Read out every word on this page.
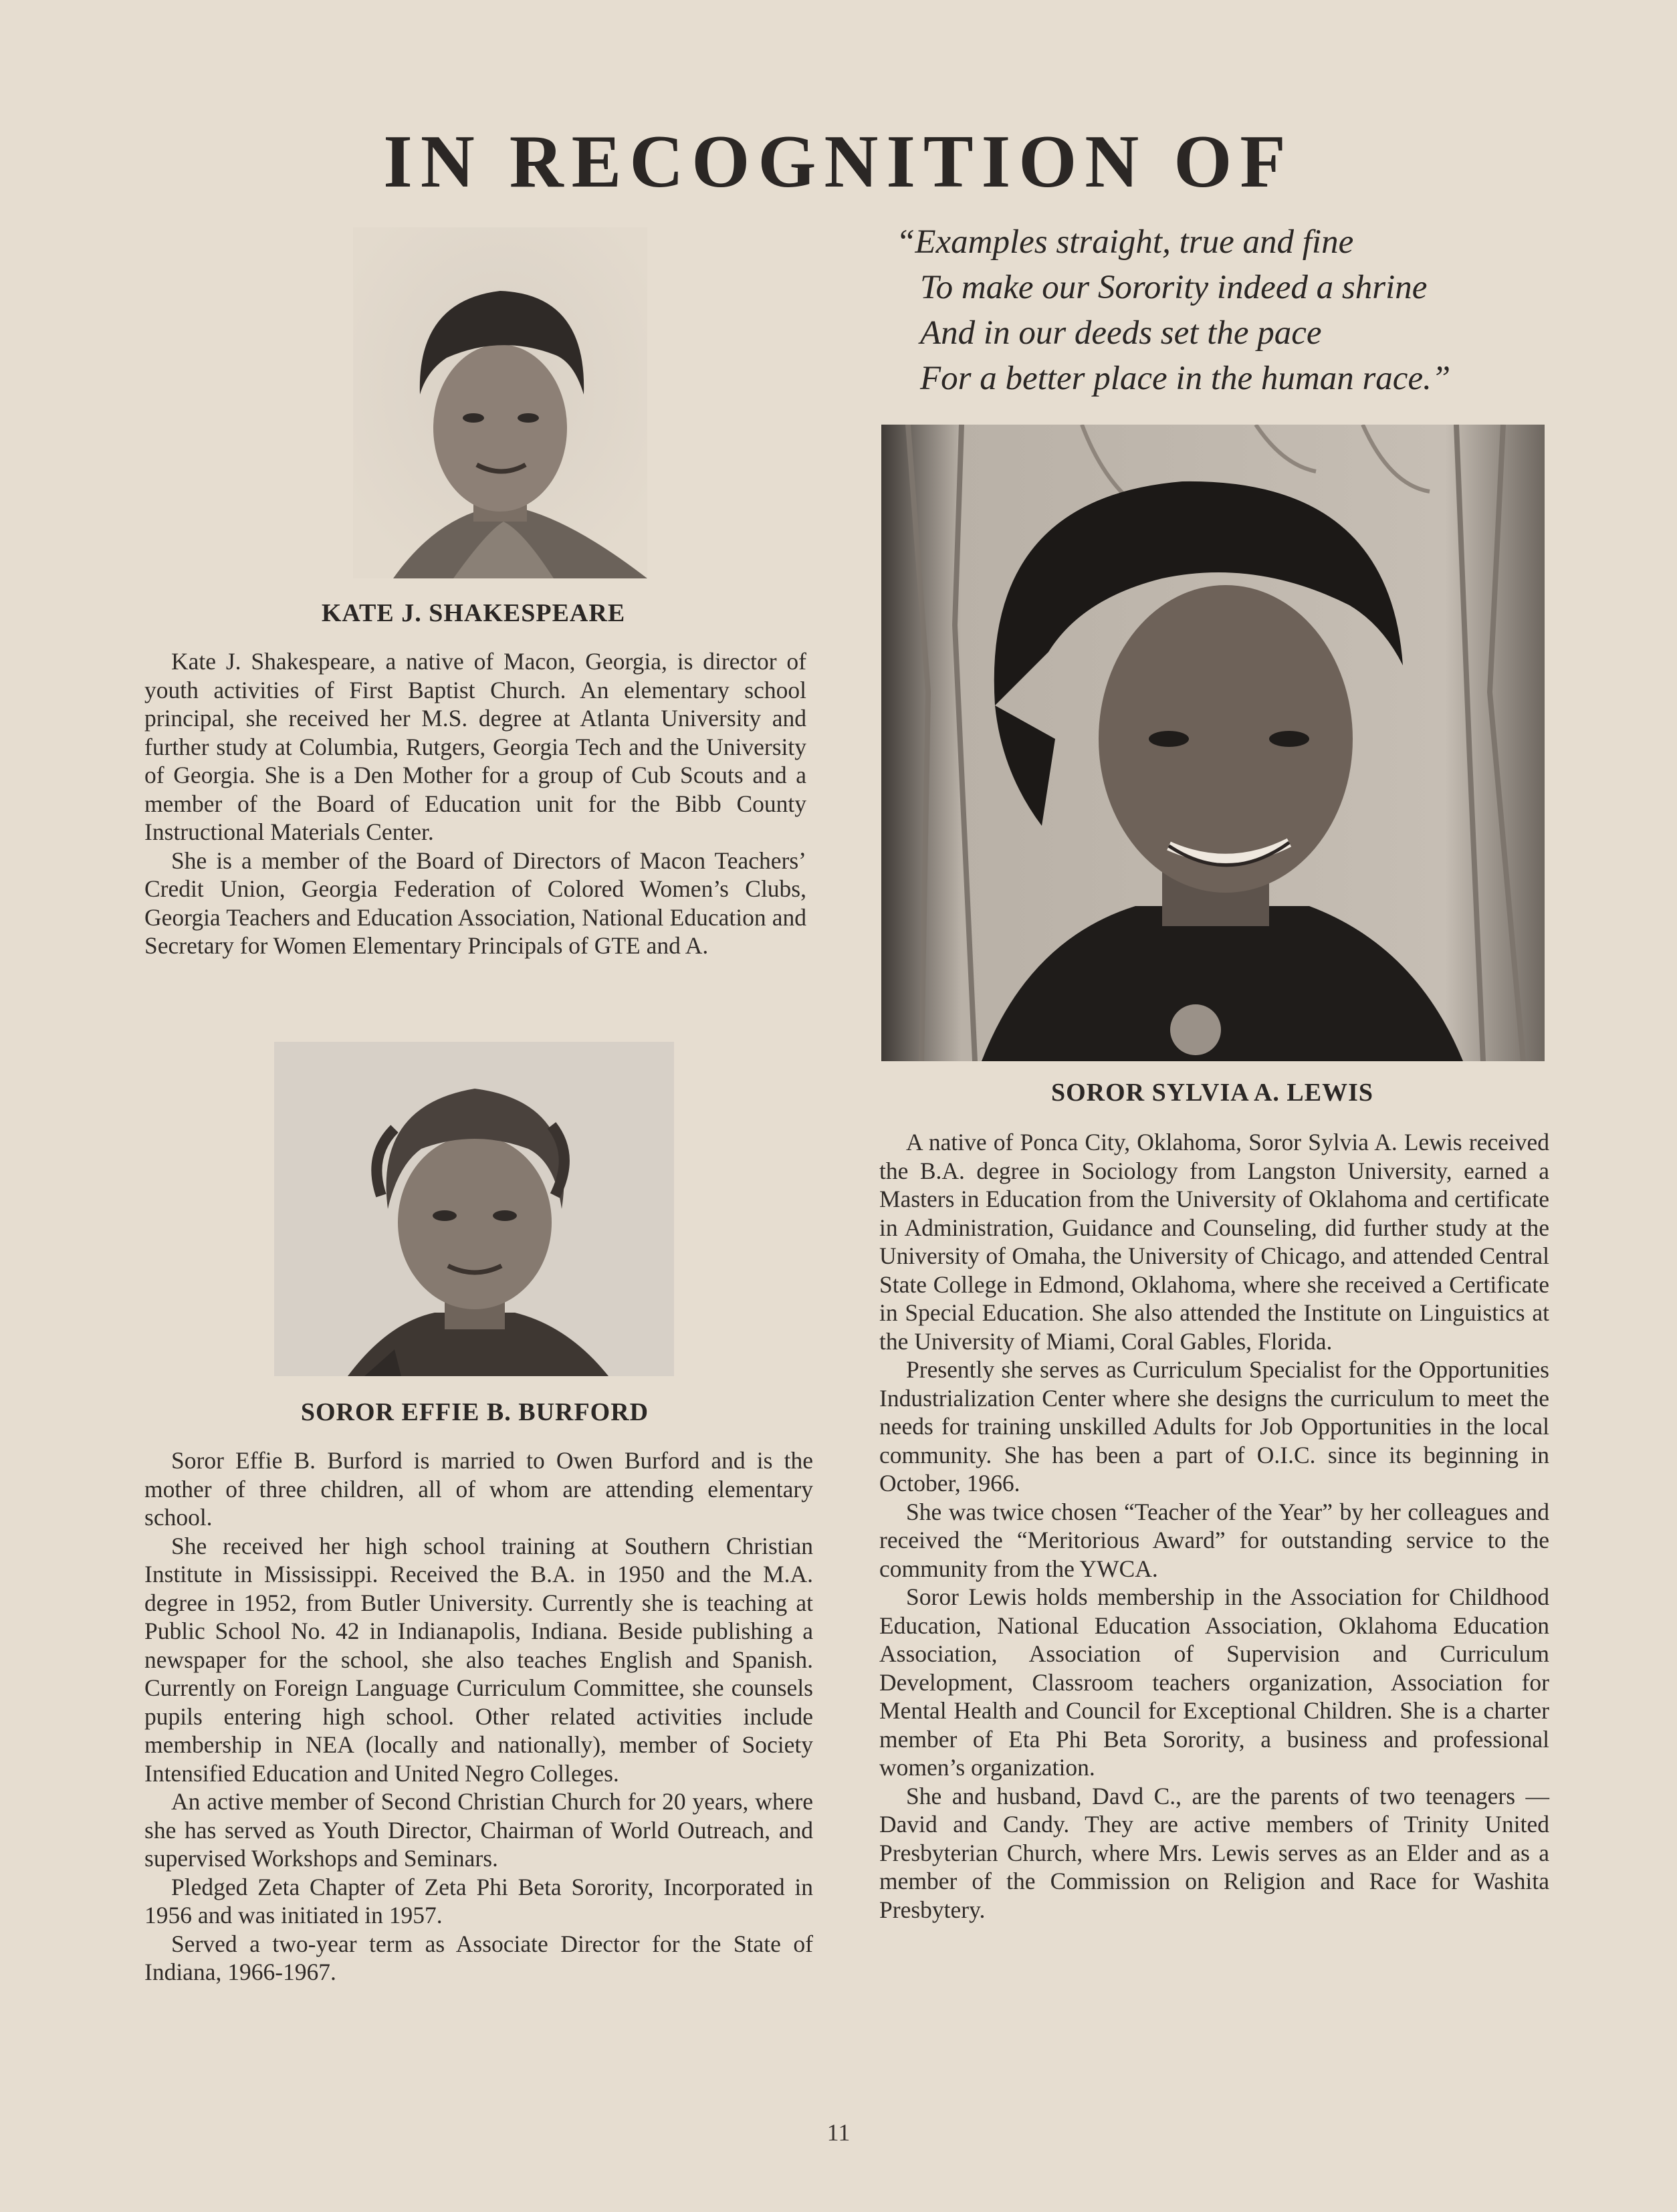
IN RECOGNITION OF
“Examples straight, true and fine
To make our Sorority indeed a shrine
And in our deeds set the pace
For a better place in the human race.”
KATE J. SHAKESPEARE

Kate J. Shakespeare, a native of Macon, Georgia, is director of youth activities of First Baptist Church. An elementary school principal, she received her M.S. degree at Atlanta University and further study at Columbia, Rutgers, Georgia Tech and the University of Georgia. She is a Den Mother for a group of Cub Scouts and a member of the Board of Education unit for the Bibb County Instructional Materials Center.

She is a member of the Board of Directors of Macon Teachers’ Credit Union, Georgia Federation of Colored Women’s Clubs, Georgia Teachers and Education Association, National Education and Secretary for Women Elementary Principals of GTE and A.

SOROR EFFIE B. BURFORD

Soror Effie B. Burford is married to Owen Burford and is the mother of three children, all of whom are attending elementary school.

She received her high school training at Southern Christian Institute in Mississippi. Received the B.A. in 1950 and the M.A. degree in 1952, from Butler University. Currently she is teaching at Public School No. 42 in Indianapolis, Indiana. Beside publishing a newspaper for the school, she also teaches English and Spanish. Currently on Foreign Language Curriculum Committee, she counsels pupils entering high school. Other related activities include membership in NEA (locally and nationally), member of Society Intensified Education and United Negro Colleges.

An active member of Second Christian Church for 20 years, where she has served as Youth Director, Chairman of World Outreach, and supervised Workshops and Seminars.

Pledged Zeta Chapter of Zeta Phi Beta Sorority, Incorporated in 1956 and was initiated in 1957.

Served a two-year term as Associate Director for the State of Indiana, 1966-1967.

SOROR SYLVIA A. LEWIS

A native of Ponca City, Oklahoma, Soror Sylvia A. Lewis received the B.A. degree in Sociology from Langston University, earned a Masters in Education from the University of Oklahoma and certificate in Administration, Guidance and Counseling, did further study at the University of Omaha, the University of Chicago, and attended Central State College in Edmond, Oklahoma, where she received a Certificate in Special Education. She also attended the Institute on Linguistics at the University of Miami, Coral Gables, Florida.

Presently she serves as Curriculum Specialist for the Opportunities Industrialization Center where she designs the curriculum to meet the needs for training unskilled Adults for Job Opportunities in the local community. She has been a part of O.I.C. since its beginning in October, 1966.

She was twice chosen “Teacher of the Year” by her colleagues and received the “Meritorious Award” for outstanding service to the community from the YWCA.

Soror Lewis holds membership in the Association for Childhood Education, National Education Association, Oklahoma Education Association, Association of Supervision and Curriculum Development, Classroom teachers organization, Association for Mental Health and Council for Exceptional Children. She is a charter member of Eta Phi Beta Sorority, a business and professional women’s organization.

She and husband, Davd C., are the parents of two teenagers — David and Candy. They are active members of Trinity United Presbyterian Church, where Mrs. Lewis serves as an Elder and as a member of the Commission on Religion and Race for Washita Presbytery.

11
